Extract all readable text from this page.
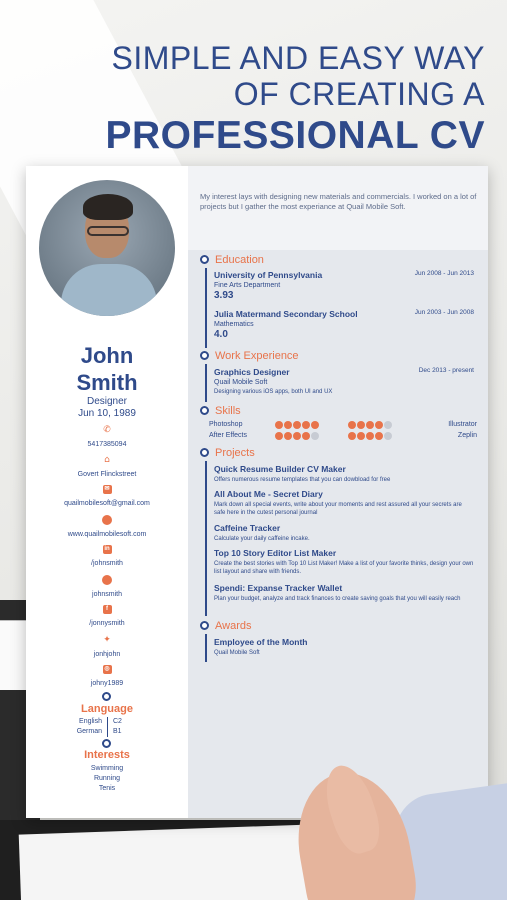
SIMPLE AND EASY WAY
OF CREATING A
PROFESSIONAL CV
John
Smith
Designer
Jun 10, 1989
✆
5417385094
⌂
Govert Flinckstreet
✉
quailmobilesoft@gmail.com
www.quailmobilesoft.com
in
/johnsmith
johnsmith
f
/jonnysmith
✦
jonhjohn
◎
johny1989
Language
English C2
German B1
Interests
Swimming
Running
Tenis
My interest lays with designing new materials and commercials. I worked on a lot of projects but I gather the most experiance at Quail Mobile Soft.
Education
University of Pennsylvania	Jun 2008 - Jun 2013
Fine Arts Department
3.93
Julia Matermand Secondary School	Jun 2003 - Jun 2008
Mathematics
4.0
Work Experience
Graphics Designer	Dec 2013 - present
Quail Mobile Soft
Designing various iOS apps, both UI and UX
Skills
Photoshop	Illustrator
After Effects	Zeplin
Projects
Quick Resume Builder CV Maker
Offers numerous resume templates that you can dowbload for free
All About Me - Secret Diary
Mark down all special events, write about your moments and rest assured all your secrets are safe here in the cutest personal journal
Caffeine Tracker
Calculate your daily caffeine incake.
Top 10 Story Editor List Maker
Create the best stories with Top 10 List Maker! Make a list of your favorite thinks, design your own list layout and share with friends.
Spendi: Expanse Tracker Wallet
Plan your budget, analyze and track finances to create saving goals that you will easily reach
Awards
Employee of the Month
Quail Mobile Soft
